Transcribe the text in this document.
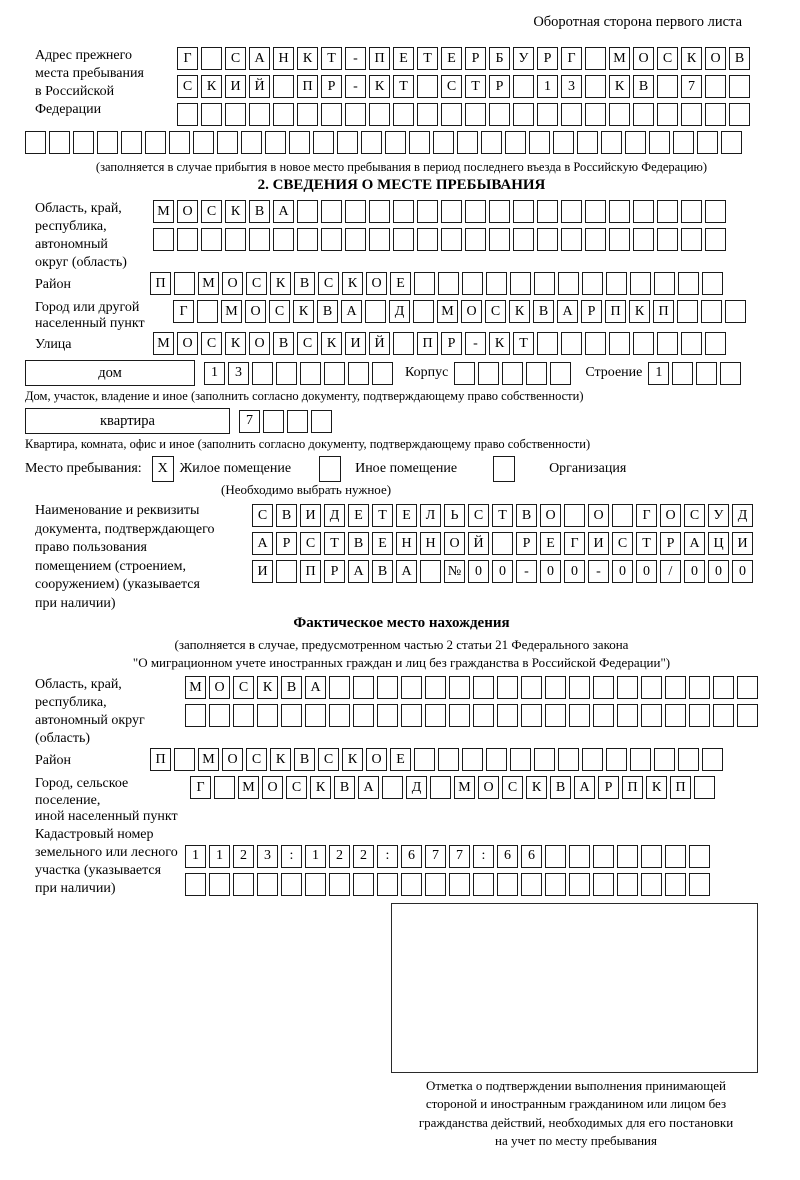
Оборотная сторона первого листа
Адрес прежнего
места пребывания
в Российской
Федерации
Г	С	А Н	К	Т	-	П	Е	Т	Е	Р	Б	У	Р	Г	М О	С	К	О	В
С	К	И Й	П	Р	-	К	Т	С	Т	Р	1	3	К	В	7
(заполняется в случае прибытия в новое место пребывания в период последнего въезда в Российскую Федерацию)
2. СВЕДЕНИЯ О МЕСТЕ ПРЕБЫВАНИЯ
Область, край,
республика,
автономный
округ (область)
М О	С	К	В	А
Район	П	М О	С	К	В	С	К	О	Е
Город или другой
населенный пункт
Г	М О	С	К	В	А	Д	М О	С	К	В	А	Р	П	К	П
Улица	М О	С	К	О	В	С	К	И Й	П	Р	-	К	Т
дом	1	3	Корпус	Строение 1
Дом, участок, владение и иное (заполнить согласно документу, подтверждающему право собственности)
квартира	7
Квартира, комната, офис и иное (заполнить согласно документу, подтверждающему право собственности)
Место пребывания:	X Жилое помещение	Иное помещение	Организация
(Необходимо выбрать нужное)
Наименование и реквизиты
документа, подтверждающего
право пользования
помещением (строением,
сооружением) (указывается
при наличии)
С	В	И	Д	Е	Т	Е	Л	Ь	С	Т	В	О	О	Г	О	С	У	Д
А	Р	С	Т	В	Е	Н Н О Й	Р	Е	Г	И	С	Т	Р	А Ц И
И	П	Р	А	В	А	№ 0	0	-	0	0	-	0	0	/	0	0	0
Фактическое место нахождения
(заполняется в случае, предусмотренном частью 2 статьи 21 Федерального закона
"О миграционном учете иностранных граждан и лиц без гражданства в Российской Федерации")
Область, край,
республика,
автономный округ
(область)
М О	С	К	В	А
Район	П	М О	С	К	В	С	К	О	Е
Город, сельское поселение,
иной населенный пункт
Г	М О	С	К	В	А	Д	М О	С	К	В	А	Р	П	К	П
Кадастровый номер
земельного или лесного
участка (указывается
при наличии)
1	1	2	3	:	1	2	2	:	6	7	7	:	6	6
Отметка о подтверждении выполнения принимающей
стороной и иностранным гражданином или лицом без
гражданства действий, необходимых для его постановки
на учет по месту пребывания
